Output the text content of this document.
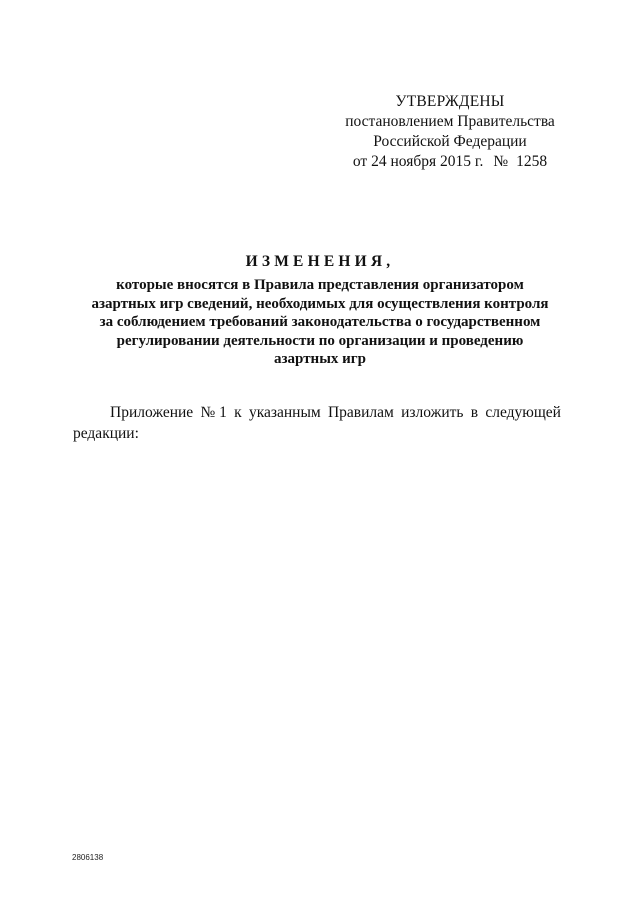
УТВЕРЖДЕНЫ
постановлением Правительства
Российской Федерации
от 24 ноября 2015 г. № 1258
ИЗМЕНЕНИЯ,
которые вносятся в Правила представления организатором
азартных игр сведений, необходимых для осуществления контроля
за соблюдением требований законодательства о государственном
регулировании деятельности по организации и проведению
азартных игр
Приложение № 1 к указанным Правилам изложить в следующей
редакции:
2806138
